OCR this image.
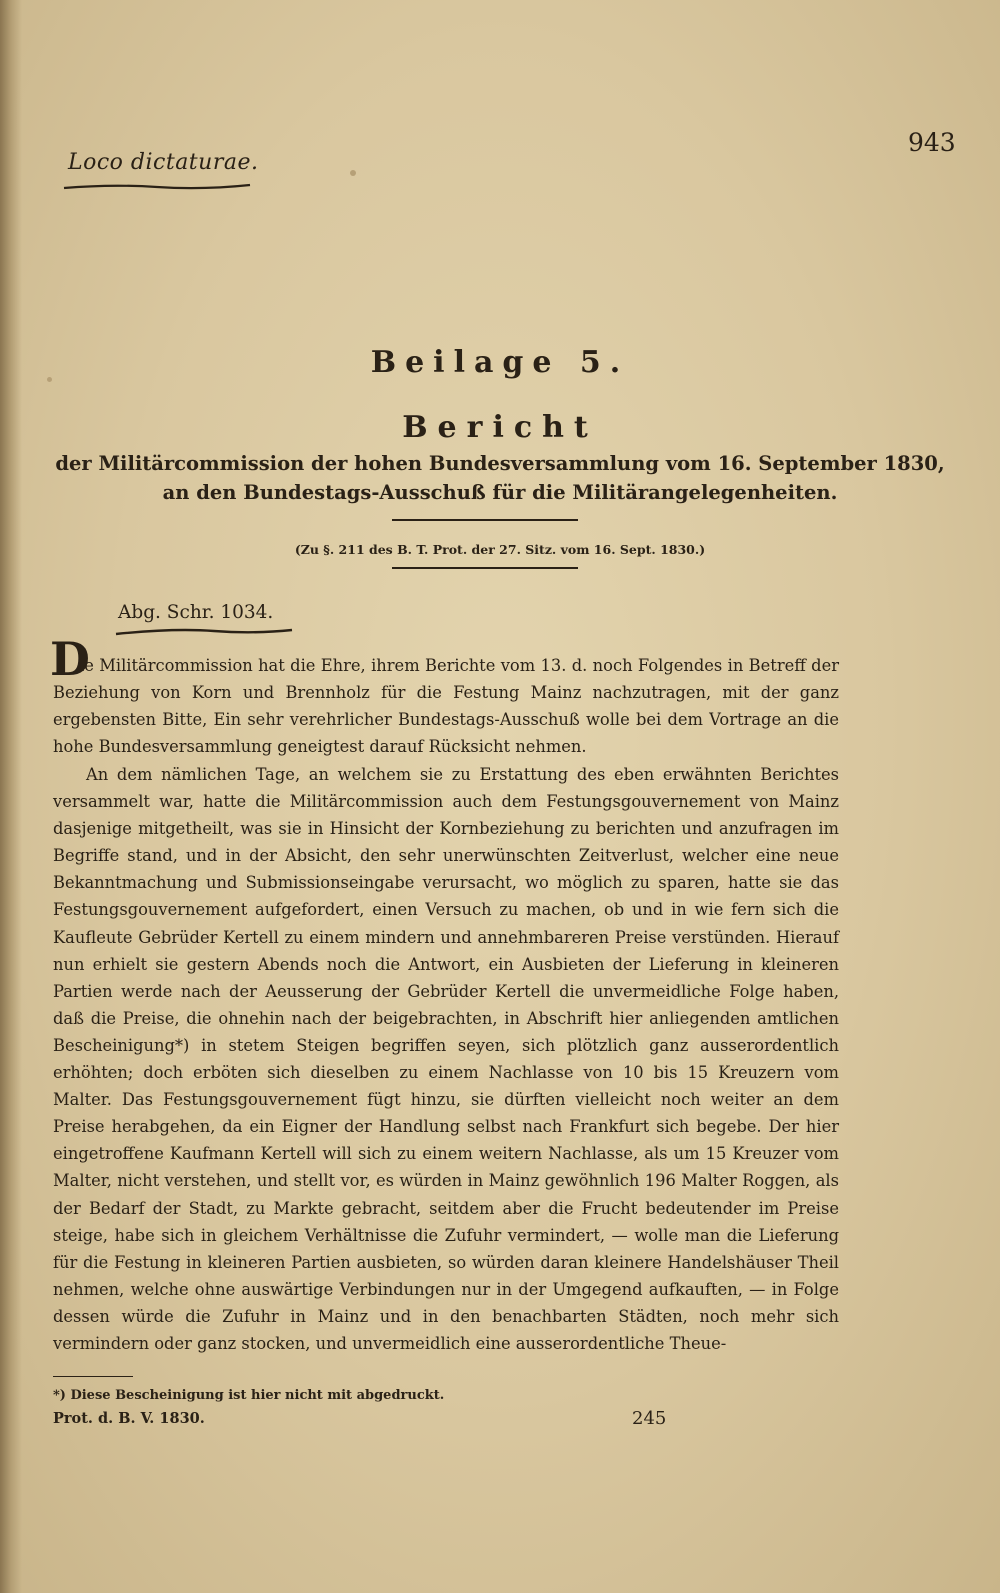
Loco dictaturae.
943
Beilage 5.
Bericht
der Militärcommission der hohen Bundesversammlung vom 16. September 1830,
an den Bundestags-Ausschuß für die Militärangelegenheiten.
(Zu §. 211 des B. T. Prot. der 27. Sitz. vom 16. Sept. 1830.)
Abg. Schr. 1034.
D

ie Militärcommission hat die Ehre, ihrem Berichte vom 13. d. noch Folgendes in Betreff der Beziehung von Korn und Brennholz für die Festung Mainz nachzutragen, mit der ganz ergebensten Bitte, Ein sehr verehrlicher Bundestags-Ausschuß wolle bei dem Vortrage an die hohe Bundesversammlung geneigtest darauf Rücksicht nehmen.

An dem nämlichen Tage, an welchem sie zu Erstattung des eben erwähnten Berichtes versammelt war, hatte die Militärcommission auch dem Festungsgouvernement von Mainz dasjenige mitgetheilt, was sie in Hinsicht der Kornbeziehung zu berichten und anzufragen im Begriffe stand, und in der Absicht, den sehr unerwünschten Zeitverlust, welcher eine neue Bekanntmachung und Submissionseingabe verursacht, wo möglich zu sparen, hatte sie das Festungsgouvernement aufgefordert, einen Versuch zu machen, ob und in wie fern sich die Kaufleute Gebrüder Kertell zu einem mindern und annehmbareren Preise verstünden. Hierauf nun erhielt sie gestern Abends noch die Antwort, ein Ausbieten der Lieferung in kleineren Partien werde nach der Aeusserung der Gebrüder Kertell die unvermeidliche Folge haben, daß die Preise, die ohnehin nach der beigebrachten, in Abschrift hier anliegenden amtlichen Bescheinigung*) in stetem Steigen begriffen seyen, sich plötzlich ganz ausserordentlich erhöhten; doch erböten sich dieselben zu einem Nachlasse von 10 bis 15 Kreuzern vom Malter. Das Festungsgouvernement fügt hinzu, sie dürften vielleicht noch weiter an dem Preise herabgehen, da ein Eigner der Handlung selbst nach Frankfurt sich begebe. Der hier eingetroffene Kaufmann Kertell will sich zu einem weitern Nachlasse, als um 15 Kreuzer vom Malter, nicht verstehen, und stellt vor, es würden in Mainz gewöhnlich 196 Malter Roggen, als der Bedarf der Stadt, zu Markte gebracht, seitdem aber die Frucht bedeutender im Preise steige, habe sich in gleichem Verhältnisse die Zufuhr vermindert, — wolle man die Lieferung für die Festung in kleineren Partien ausbieten, so würden daran kleinere Handelshäuser Theil nehmen, welche ohne auswärtige Verbindungen nur in der Umgegend aufkauften, — in Folge dessen würde die Zufuhr in Mainz und in den benachbarten Städten, noch mehr sich vermindern oder ganz stocken, und unvermeidlich eine ausserordentliche Theue-

*) Diese Bescheinigung ist hier nicht mit abgedruckt.
Prot. d. B. V. 1830.	245
